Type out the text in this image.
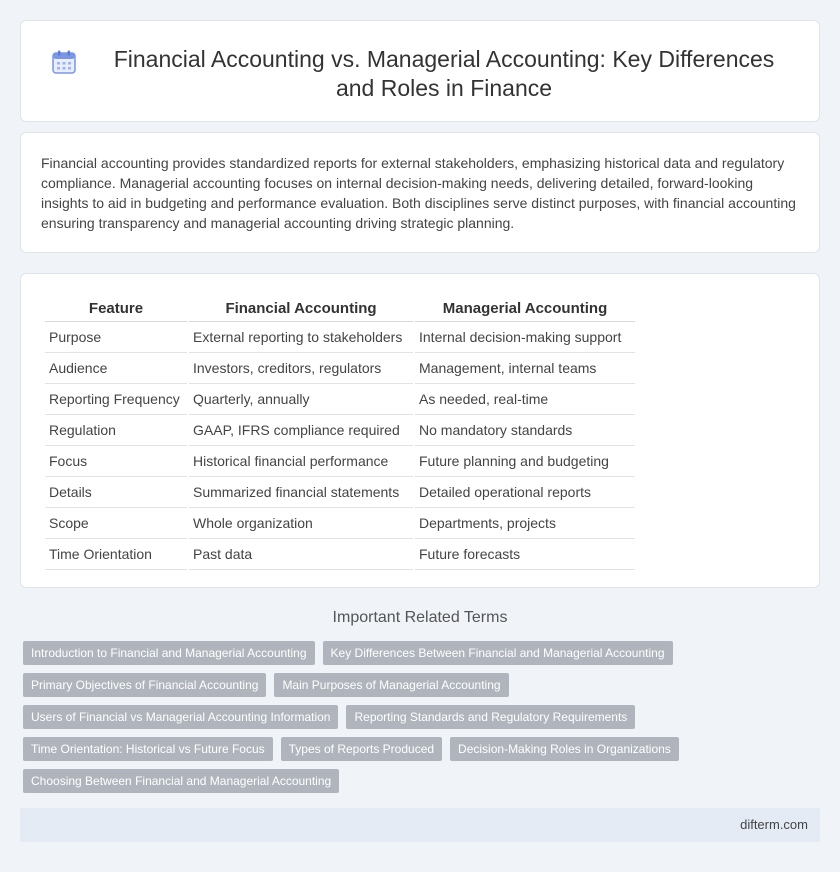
Financial Accounting vs. Managerial Accounting: Key Differences and Roles in Finance

Financial accounting provides standardized reports for external stakeholders, emphasizing historical data and regulatory compliance. Managerial accounting focuses on internal decision-making needs, delivering detailed, forward-looking insights to aid in budgeting and performance evaluation. Both disciplines serve distinct purposes, with financial accounting ensuring transparency and managerial accounting driving strategic planning.

Feature	Financial Accounting	Managerial Accounting
Purpose	External reporting to stakeholders	Internal decision-making support
Audience	Investors, creditors, regulators	Management, internal teams
Reporting Frequency	Quarterly, annually	As needed, real-time
Regulation	GAAP, IFRS compliance required	No mandatory standards
Focus	Historical financial performance	Future planning and budgeting
Details	Summarized financial statements	Detailed operational reports
Scope	Whole organization	Departments, projects
Time Orientation	Past data	Future forecasts
Important Related Terms
Introduction to Financial and Managerial Accounting	Key Differences Between Financial and Managerial Accounting
Primary Objectives of Financial Accounting	Main Purposes of Managerial Accounting
Users of Financial vs Managerial Accounting Information	Reporting Standards and Regulatory Requirements
Time Orientation: Historical vs Future Focus	Types of Reports Produced	Decision-Making Roles in Organizations
Choosing Between Financial and Managerial Accounting
difterm.com
